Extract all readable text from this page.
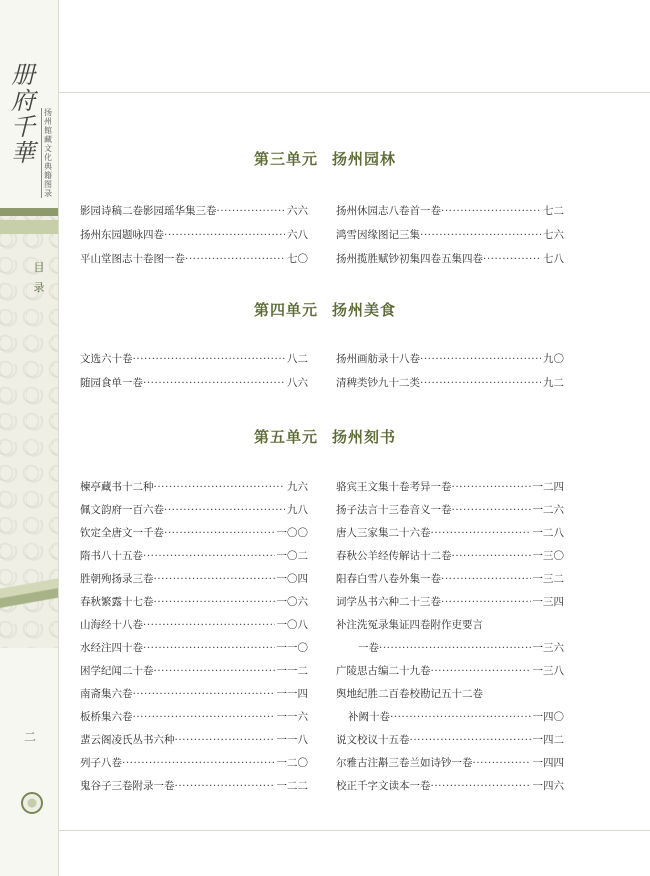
册
府
千
華
扬州館藏文化典籍图录
目录
二
第三单元 扬州园林
影园诗稿二卷影园瑶华集三卷 ·····	六六
扬州东园题咏四卷 ·····	六八
平山堂图志十卷图一卷 ·····	七〇
扬州休园志八卷首一卷 ·····	七二
鸿雪因缘图记三集 ·····	七六
扬州揽胜赋钞初集四卷五集四卷 ·····	七八
第四单元 扬州美食
文选六十卷 ·····	八二
随园食单一卷 ·····	八六
扬州画舫录十八卷 ·····	九〇
清稗类钞九十二类 ·····	九二
第五单元 扬州刻书
楝亭藏书十二种 ·····	九六
佩文韵府一百六卷 ·····	九八
钦定全唐文一千卷 ·····	一〇〇
隋书八十五卷 ·····	一〇二
胜朝殉扬录三卷 ·····	一〇四
春秋繁露十七卷 ·····	一〇六
山海经十八卷 ·····	一〇八
水经注四十卷 ·····	一一〇
困学纪闻二十卷 ·····	一一二
南斋集六卷 ·····	一一四
板桥集六卷 ·····	一一六
蜚云阁凌氏丛书六种 ·····	一一八
列子八卷 ·····	一二〇
鬼谷子三卷附录一卷 ·····	一二二
骆宾王文集十卷考异一卷 ·····	一二四
扬子法言十三卷音义一卷 ·····	一二六
唐人三家集二十六卷 ·····	一二八
春秋公羊经传解诂十二卷 ·····	一三〇
阳春白雪八卷外集一卷 ·····	一三二
词学丛书六种二十三卷 ·····	一三四
补注洗冤录集证四卷附作吏要言
一卷 ·····	一三六
广陵思古编二十九卷 ·····	一三八
舆地纪胜二百卷校勘记五十二卷
补阙十卷 ·····	一四〇
说文校议十五卷 ·····	一四二
尔雅古注斠三卷兰如诗钞一卷 ·····	一四四
校正千字文读本一卷 ·····	一四六
